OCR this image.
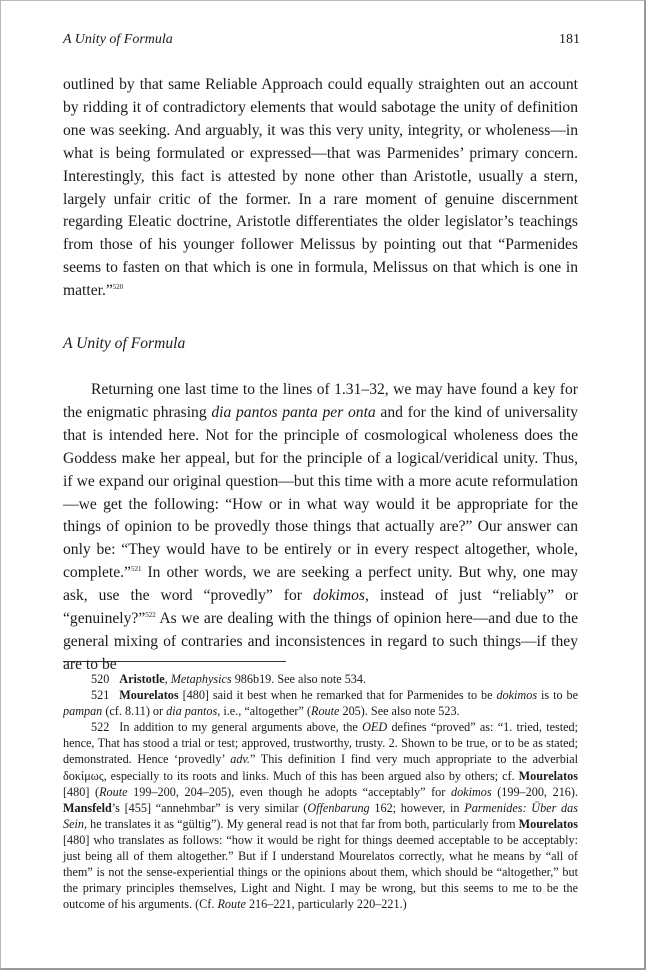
A Unity of Formula	181

outlined by that same Reliable Approach could equally straighten out an account by ridding it of contradictory elements that would sabotage the unity of definition one was seeking. And arguably, it was this very unity, integrity, or wholeness—in what is being formulated or expressed—that was Parmenides’ primary concern. Interestingly, this fact is attested by none other than Aristotle, usually a stern, largely unfair critic of the former. In a rare moment of genuine discernment regarding Eleatic doctrine, Aristotle differentiates the older legislator’s teachings from those of his younger follower Melissus by pointing out that “Parmenides seems to fasten on that which is one in formula, Melissus on that which is one in matter.”$^{520}$

A Unity of Formula

Returning one last time to the lines of 1.31–32, we may have found a key for the enigmatic phrasing dia pantos panta per onta and for the kind of universality that is intended here. Not for the principle of cosmological wholeness does the Goddess make her appeal, but for the principle of a logical/veridical unity. Thus, if we expand our original question—but this time with a more acute reformulation—we get the following: “How or in what way would it be appropriate for the things of opinion to be provedly those things that actually are?” Our answer can only be: “They would have to be entirely or in every respect altogether, whole, complete.”$^{521}$ In other words, we are seeking a perfect unity. But why, one may ask, use the word “provedly” for dokimos, instead of just “reliably” or “genuinely?”$^{522}$ As we are dealing with the things of opinion here—and due to the general mixing of contraries and inconsistences in regard to such things—if they are to be

520 Aristotle, Metaphysics 986b19. See also note 534.

521 Mourelatos [480] said it best when he remarked that for Parmenides to be dokimos is to be pampan (cf. 8.11) or dia pantos, i.e., “altogether” (Route 205). See also note 523.

522 In addition to my general arguments above, the OED defines “proved” as: “1. tried, tested; hence, That has stood a trial or test; approved, trustworthy, trusty. 2. Shown to be true, or to be as stated; demonstrated. Hence ‘provedly’ adv.” This definition I find very much appropriate to the adverbial δοκίμως, especially to its roots and links. Much of this has been argued also by others; cf. Mourelatos [480] (Route 199–200, 204–205), even though he adopts “acceptably” for dokimos (199–200, 216). Mansfeld’s [455] “annehmbar” is very similar (Offenbarung 162; however, in Parmenides: Über das Sein, he translates it as “gültig”). My general read is not that far from both, particularly from Mourelatos [480] who translates as follows: “how it would be right for things deemed acceptable to be acceptably: just being all of them altogether.” But if I understand Mourelatos correctly, what he means by “all of them” is not the sense-experiential things or the opinions about them, which should be “altogether,” but the primary principles themselves, Light and Night. I may be wrong, but this seems to me to be the outcome of his arguments. (Cf. Route 216–221, particularly 220–221.)
